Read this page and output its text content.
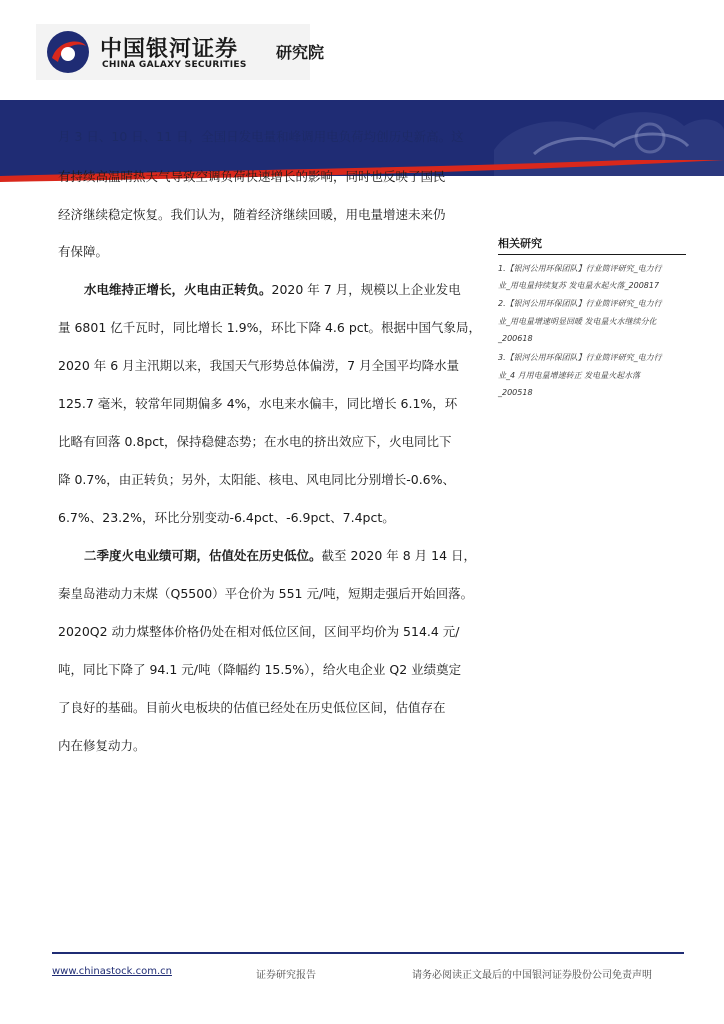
中国银河证券
CHINA GALAXY SECURITIES
研究院
月 3 日、10 日、11 日，全国日发电量和峰调用电负荷均创历史新高。这
有持续高温晴热天气导致空调负荷快速增长的影响，同时也反映了国民
经济继续稳定恢复。我们认为，随着经济继续回暖，用电量增速未来仍
有保障。
水电维持正增长，火电由正转负。2020 年 7 月，规模以上企业发电
量 6801 亿千瓦时，同比增长 1.9%，环比下降 4.6 pct。根据中国气象局，
2020 年 6 月主汛期以来，我国天气形势总体偏涝，7 月全国平均降水量
125.7 毫米，较常年同期偏多 4%，水电来水偏丰，同比增长 6.1%，环
比略有回落 0.8pct，保持稳健态势；在水电的挤出效应下，火电同比下
降 0.7%，由正转负；另外，太阳能、核电、风电同比分别增长-0.6%、
6.7%、23.2%，环比分别变动-6.4pct、-6.9pct、7.4pct。
二季度火电业绩可期，估值处在历史低位。截至 2020 年 8 月 14 日，
秦皇岛港动力末煤（Q5500）平仓价为 551 元/吨，短期走强后开始回落。
2020Q2 动力煤整体价格仍处在相对低位区间，区间平均价为 514.4 元/
吨，同比下降了 94.1 元/吨（降幅约 15.5%），给火电企业 Q2 业绩奠定
了良好的基础。目前火电板块的估值已经处在历史低位区间，估值存在
内在修复动力。
相关研究
1.【银河公用环保团队】行业简评研究_电力行
业_用电量持续复苏 发电量水起火落_200817
2.【银河公用环保团队】行业简评研究_电力行
业_用电量增速明显回暖 发电量火水继续分化
_200618
3.【银河公用环保团队】行业简评研究_电力行
业_4 月用电量增速转正 发电量火起水落
_200518
www.chinastock.com.cn	证券研究报告	请务必阅读正文最后的中国银河证券股份公司免责声明
